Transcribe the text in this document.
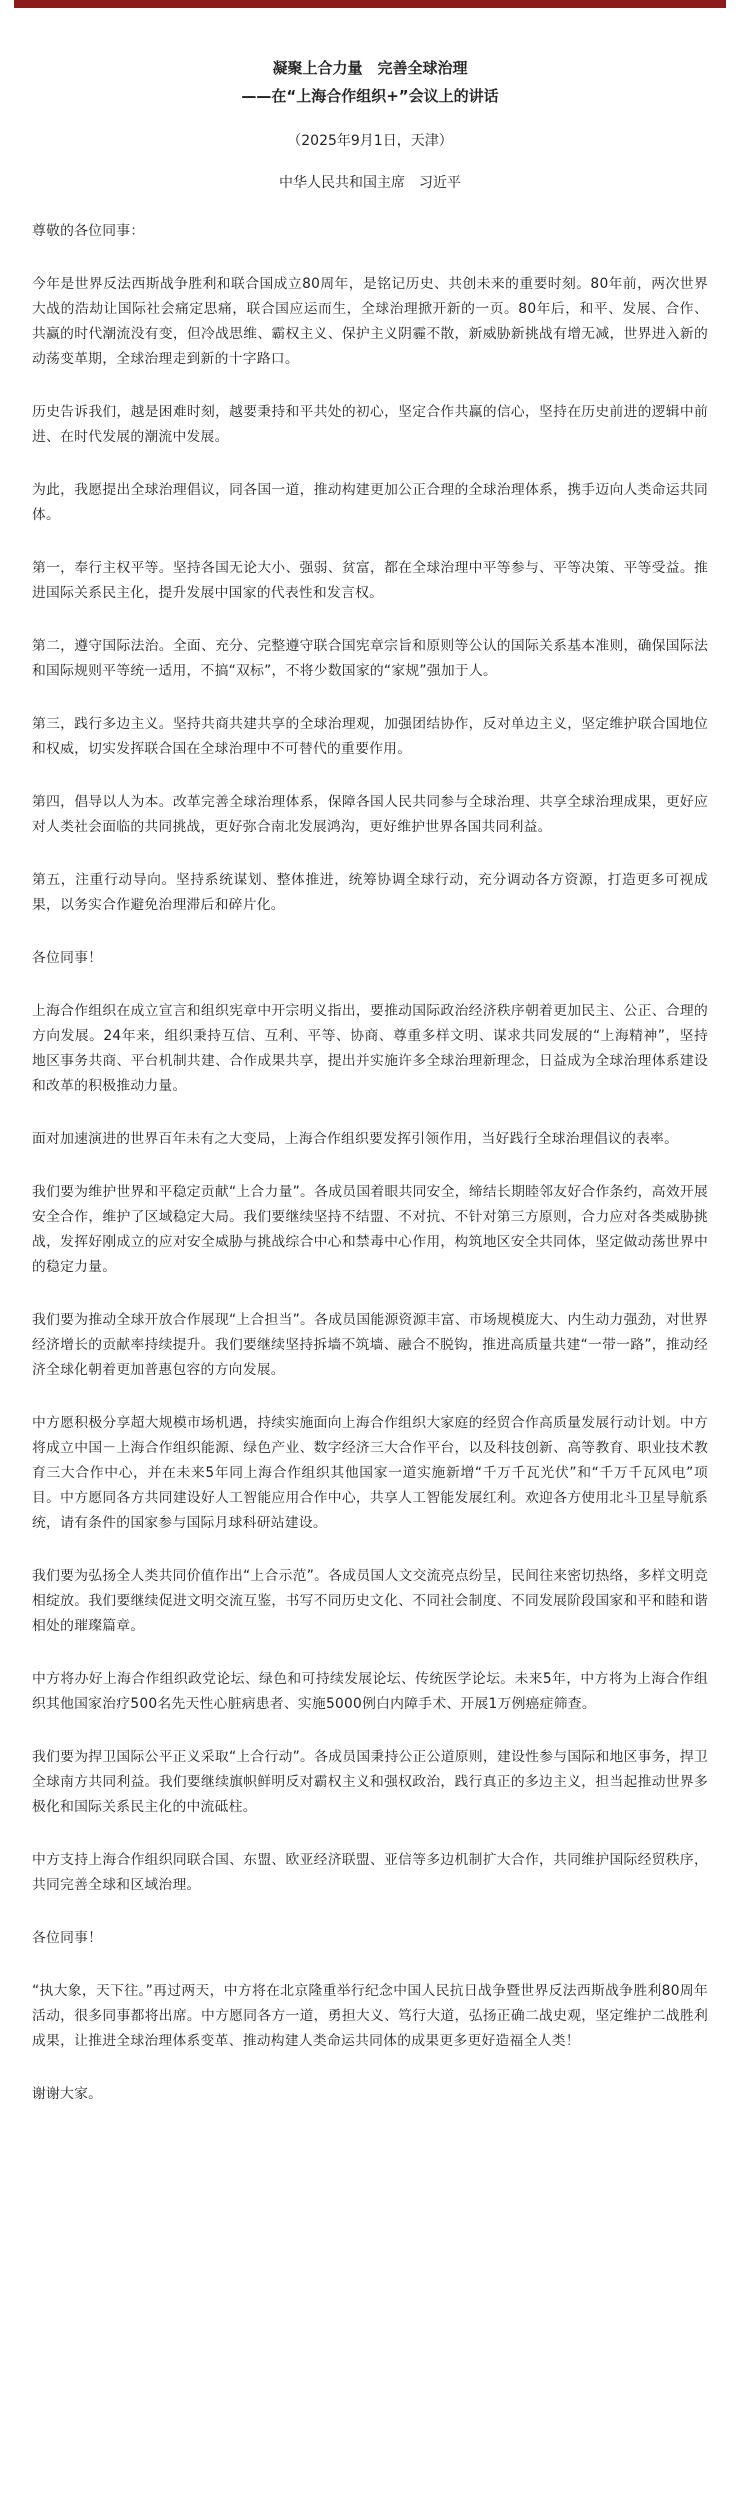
凝聚上合力量　完善全球治理
——在“上海合作组织+”会议上的讲话
（2025年9月1日，天津）
中华人民共和国主席　习近平

尊敬的各位同事：

今年是世界反法西斯战争胜利和联合国成立80周年，是铭记历史、共创未来的重要时刻。80年前，两次世界大战的浩劫让国际社会痛定思痛，联合国应运而生，全球治理掀开新的一页。80年后，和平、发展、合作、共赢的时代潮流没有变，但冷战思维、霸权主义、保护主义阴霾不散，新威胁新挑战有增无减，世界进入新的动荡变革期，全球治理走到新的十字路口。

历史告诉我们，越是困难时刻，越要秉持和平共处的初心，坚定合作共赢的信心，坚持在历史前进的逻辑中前进、在时代发展的潮流中发展。

为此，我愿提出全球治理倡议，同各国一道，推动构建更加公正合理的全球治理体系，携手迈向人类命运共同体。

第一，奉行主权平等。坚持各国无论大小、强弱、贫富，都在全球治理中平等参与、平等决策、平等受益。推进国际关系民主化，提升发展中国家的代表性和发言权。

第二，遵守国际法治。全面、充分、完整遵守联合国宪章宗旨和原则等公认的国际关系基本准则，确保国际法和国际规则平等统一适用，不搞“双标”，不将少数国家的“家规”强加于人。

第三，践行多边主义。坚持共商共建共享的全球治理观，加强团结协作，反对单边主义，坚定维护联合国地位和权威，切实发挥联合国在全球治理中不可替代的重要作用。

第四，倡导以人为本。改革完善全球治理体系，保障各国人民共同参与全球治理、共享全球治理成果，更好应对人类社会面临的共同挑战，更好弥合南北发展鸿沟，更好维护世界各国共同利益。

第五，注重行动导向。坚持系统谋划、整体推进，统筹协调全球行动，充分调动各方资源，打造更多可视成果，以务实合作避免治理滞后和碎片化。

各位同事！

上海合作组织在成立宣言和组织宪章中开宗明义指出，要推动国际政治经济秩序朝着更加民主、公正、合理的方向发展。24年来，组织秉持互信、互利、平等、协商、尊重多样文明、谋求共同发展的“上海精神”，坚持地区事务共商、平台机制共建、合作成果共享，提出并实施许多全球治理新理念，日益成为全球治理体系建设和改革的积极推动力量。

面对加速演进的世界百年未有之大变局，上海合作组织要发挥引领作用，当好践行全球治理倡议的表率。

我们要为维护世界和平稳定贡献“上合力量”。各成员国着眼共同安全，缔结长期睦邻友好合作条约，高效开展安全合作，维护了区域稳定大局。我们要继续坚持不结盟、不对抗、不针对第三方原则，合力应对各类威胁挑战，发挥好刚成立的应对安全威胁与挑战综合中心和禁毒中心作用，构筑地区安全共同体，坚定做动荡世界中的稳定力量。

我们要为推动全球开放合作展现“上合担当”。各成员国能源资源丰富、市场规模庞大、内生动力强劲，对世界经济增长的贡献率持续提升。我们要继续坚持拆墙不筑墙、融合不脱钩，推进高质量共建“一带一路”，推动经济全球化朝着更加普惠包容的方向发展。

中方愿积极分享超大规模市场机遇，持续实施面向上海合作组织大家庭的经贸合作高质量发展行动计划。中方将成立中国－上海合作组织能源、绿色产业、数字经济三大合作平台，以及科技创新、高等教育、职业技术教育三大合作中心，并在未来5年同上海合作组织其他国家一道实施新增“千万千瓦光伏”和“千万千瓦风电”项目。中方愿同各方共同建设好人工智能应用合作中心，共享人工智能发展红利。欢迎各方使用北斗卫星导航系统，请有条件的国家参与国际月球科研站建设。

我们要为弘扬全人类共同价值作出“上合示范”。各成员国人文交流亮点纷呈，民间往来密切热络，多样文明竞相绽放。我们要继续促进文明交流互鉴，书写不同历史文化、不同社会制度、不同发展阶段国家和平和睦和谐相处的璀璨篇章。

中方将办好上海合作组织政党论坛、绿色和可持续发展论坛、传统医学论坛。未来5年，中方将为上海合作组织其他国家治疗500名先天性心脏病患者、实施5000例白内障手术、开展1万例癌症筛查。

我们要为捍卫国际公平正义采取“上合行动”。各成员国秉持公正公道原则，建设性参与国际和地区事务，捍卫全球南方共同利益。我们要继续旗帜鲜明反对霸权主义和强权政治，践行真正的多边主义，担当起推动世界多极化和国际关系民主化的中流砥柱。

中方支持上海合作组织同联合国、东盟、欧亚经济联盟、亚信等多边机制扩大合作，共同维护国际经贸秩序，共同完善全球和区域治理。

各位同事！

“执大象，天下往。”再过两天，中方将在北京隆重举行纪念中国人民抗日战争暨世界反法西斯战争胜利80周年活动，很多同事都将出席。中方愿同各方一道，勇担大义、笃行大道，弘扬正确二战史观，坚定维护二战胜利成果，让推进全球治理体系变革、推动构建人类命运共同体的成果更多更好造福全人类！

谢谢大家。
